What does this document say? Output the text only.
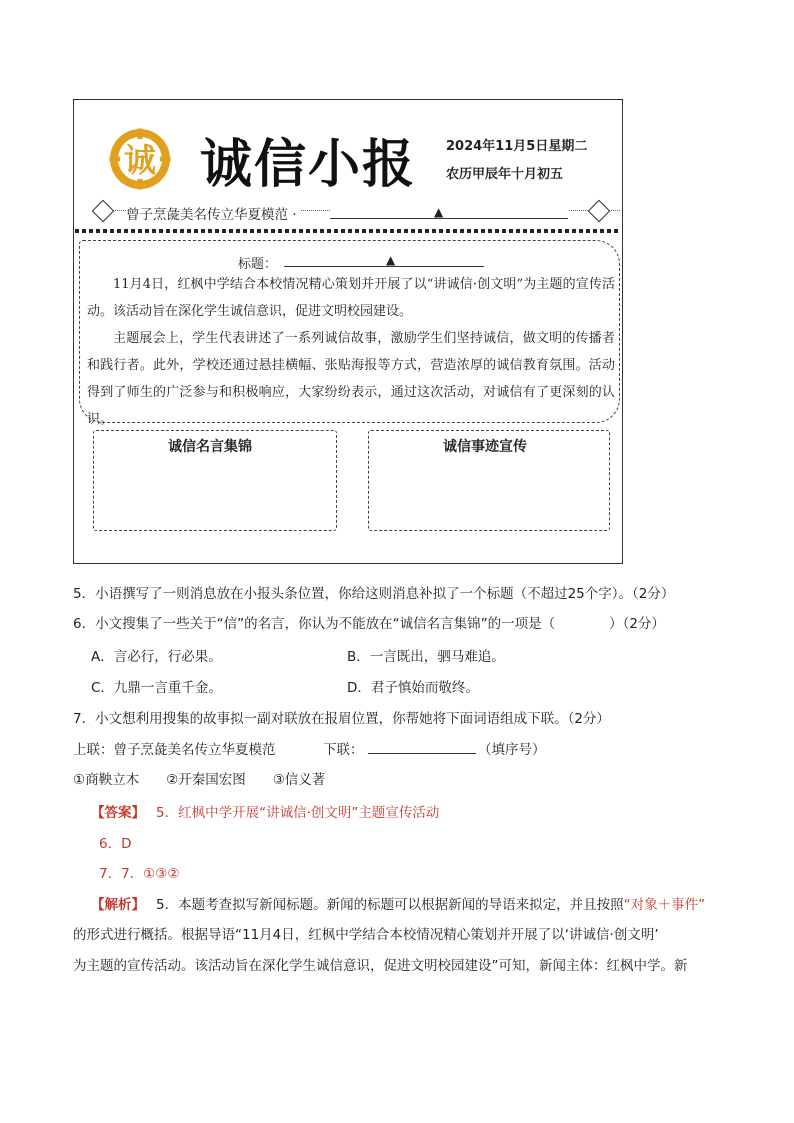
诚 诚信小报 2024年11月5日星期二
农历甲辰年十月初五
曾子烹彘美名传立华夏模范 ·	▲
标题：	▲
11月4日，红枫中学结合本校情况精心策划并开展了以“讲诚信·创文明”为主题的宣传活动。该活动旨在深化学生诚信意识，促进文明校园建设。
主题展会上，学生代表讲述了一系列诚信故事，激励学生们坚持诚信，做文明的传播者和践行者。此外，学校还通过悬挂横幅、张贴海报等方式，营造浓厚的诚信教育氛围。活动得到了师生的广泛参与和积极响应，大家纷纷表示，通过这次活动，对诚信有了更深刻的认识。
诚信名言集锦	诚信事迹宣传
5．小语撰写了一则消息放在小报头条位置，你给这则消息补拟了一个标题（不超过25个字）。（2分）
6．小文搜集了一些关于“信”的名言，你认为不能放在“诚信名言集锦”的一项是（　　　　）（2分）
A．言必行，行必果。	B．一言既出，驷马难追。
C．九鼎一言重千金。	D．君子慎始而敬终。
7．小文想利用搜集的故事拟一副对联放在报眉位置，你帮她将下面词语组成下联。（2分）
上联：曾子烹彘美名传立华夏模范	下联：	（填序号）
①商鞅立木　　②开秦国宏图　　③信义著
【答案】 5．红枫中学开展“讲诚信·创文明”主题宣传活动
6．D
7．7．①③②
【解析】 5．本题考查拟写新闻标题。新闻的标题可以根据新闻的导语来拟定，并且按照“对象＋事件”
的形式进行概括。根据导语“11月4日，红枫中学结合本校情况精心策划并开展了以‘讲诚信·创文明’
为主题的宣传活动。该活动旨在深化学生诚信意识，促进文明校园建设”可知，新闻主体：红枫中学。新
